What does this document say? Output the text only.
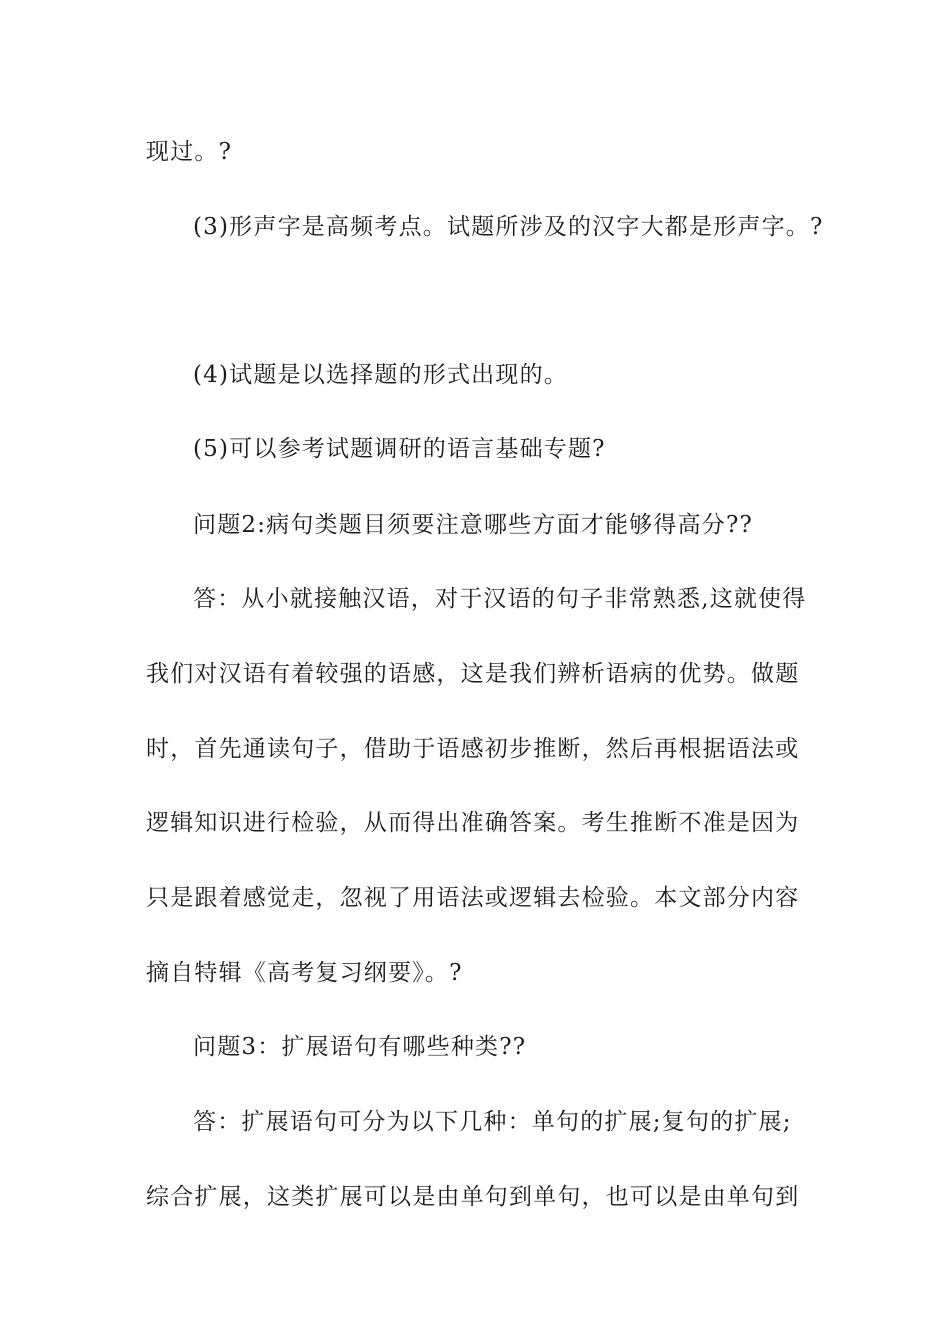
现过。?
(3)形声字是高频考点。试题所涉及的汉字大都是形声字。?
(4)试题是以选择题的形式出现的。
(5)可以参考试题调研的语言基础专题?
问题2:病句类题目须要注意哪些方面才能够得高分??
答：从小就接触汉语，对于汉语的句子非常熟悉,这就使得
我们对汉语有着较强的语感，这是我们辨析语病的优势。做题
时，首先通读句子，借助于语感初步推断，然后再根据语法或
逻辑知识进行检验，从而得出准确答案。考生推断不准是因为
只是跟着感觉走，忽视了用语法或逻辑去检验。本文部分内容
摘自特辑《高考复习纲要》。?
问题3：扩展语句有哪些种类??
答：扩展语句可分为以下几种：单句的扩展;复句的扩展;
综合扩展，这类扩展可以是由单句到单句，也可以是由单句到
